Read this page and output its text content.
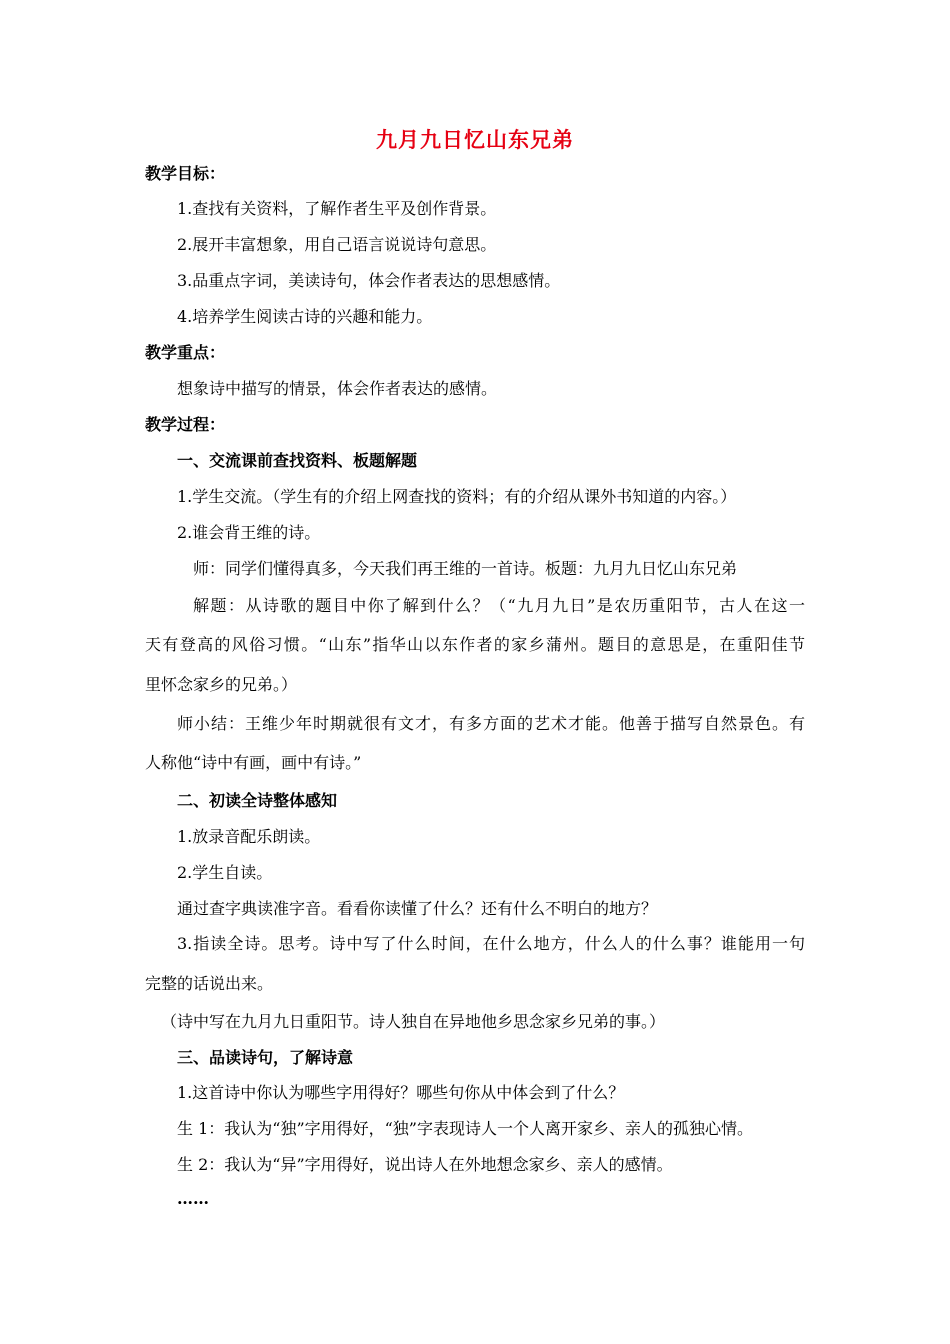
九月九日忆山东兄弟
教学目标：
1.查找有关资料，了解作者生平及创作背景。
2.展开丰富想象，用自己语言说说诗句意思。
3.品重点字词，美读诗句，体会作者表达的思想感情。
4.培养学生阅读古诗的兴趣和能力。
教学重点：
想象诗中描写的情景，体会作者表达的感情。
教学过程：
一、交流课前查找资料、板题解题
1.学生交流。（学生有的介绍上网查找的资料；有的介绍从课外书知道的内容。）
2.谁会背王维的诗。
师：同学们懂得真多，今天我们再王维的一首诗。板题：九月九日忆山东兄弟
解题：从诗歌的题目中你了解到什么？（“九月九日”是农历重阳节，古人在这一
天有登高的风俗习惯。“山东”指华山以东作者的家乡蒲州。题目的意思是，在重阳佳节
里怀念家乡的兄弟。）
师小结：王维少年时期就很有文才，有多方面的艺术才能。他善于描写自然景色。有
人称他“诗中有画，画中有诗。”
二、初读全诗整体感知
1.放录音配乐朗读。
2.学生自读。
通过查字典读准字音。看看你读懂了什么？还有什么不明白的地方？
3.指读全诗。思考。诗中写了什么时间，在什么地方，什么人的什么事？谁能用一句
完整的话说出来。
（诗中写在九月九日重阳节。诗人独自在异地他乡思念家乡兄弟的事。）
三、品读诗句，了解诗意
1.这首诗中你认为哪些字用得好？哪些句你从中体会到了什么？
生 1：我认为“独”字用得好，“独”字表现诗人一个人离开家乡、亲人的孤独心情。
生 2：我认为“异”字用得好，说出诗人在外地想念家乡、亲人的感情。
……
